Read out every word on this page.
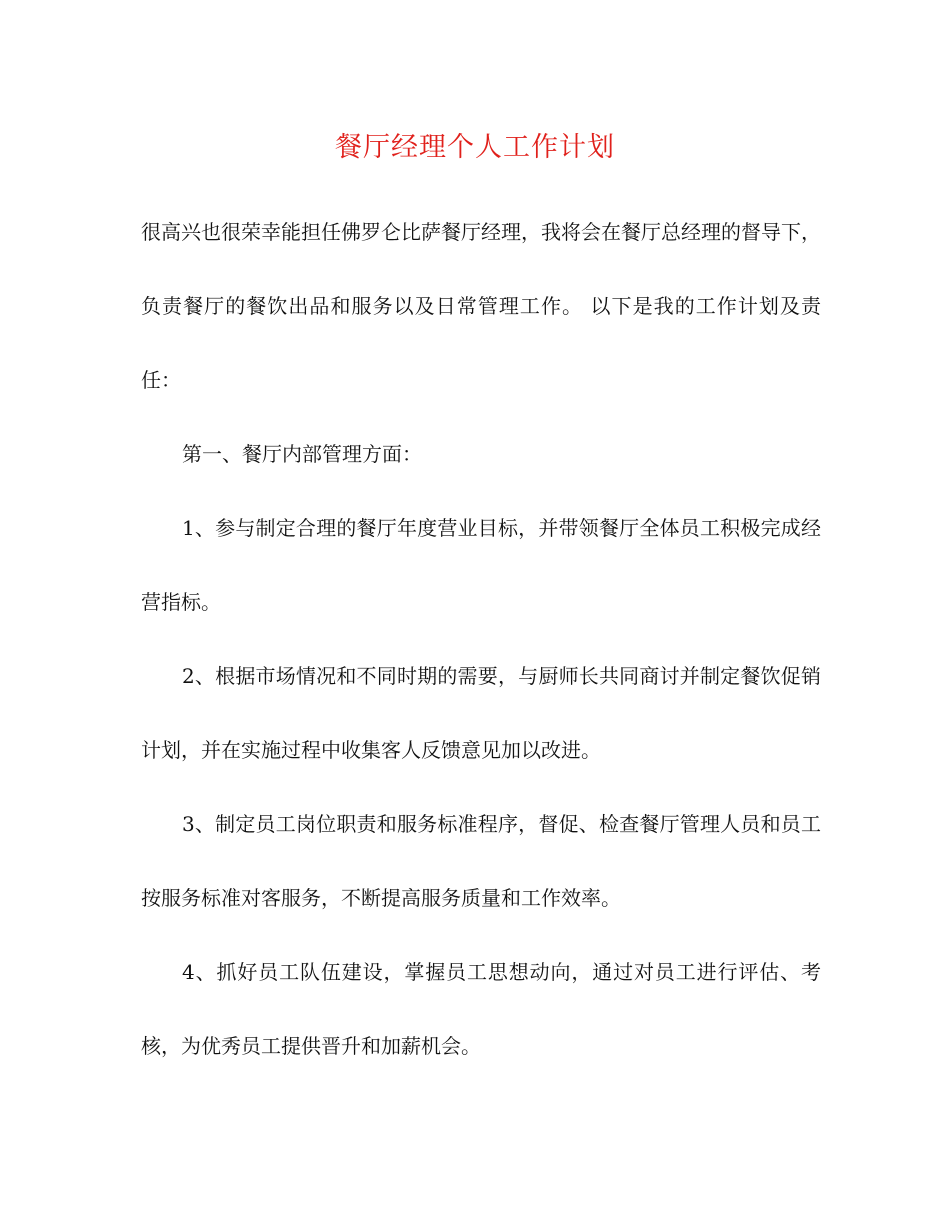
餐厅经理个人工作计划

很高兴也很荣幸能担任佛罗仑比萨餐厅经理，我将会在餐厅总经理的督导下，负责餐厅的餐饮出品和服务以及日常管理工作。 以下是我的工作计划及责任：

第一、餐厅内部管理方面：

1、参与制定合理的餐厅年度营业目标，并带领餐厅全体员工积极完成经营指标。

2、根据市场情况和不同时期的需要，与厨师长共同商讨并制定餐饮促销计划，并在实施过程中收集客人反馈意见加以改进。

3、制定员工岗位职责和服务标准程序，督促、检查餐厅管理人员和员工按服务标准对客服务，不断提高服务质量和工作效率。

4、抓好员工队伍建设，掌握员工思想动向，通过对员工进行评估、考核，为优秀员工提供晋升和加薪机会。
